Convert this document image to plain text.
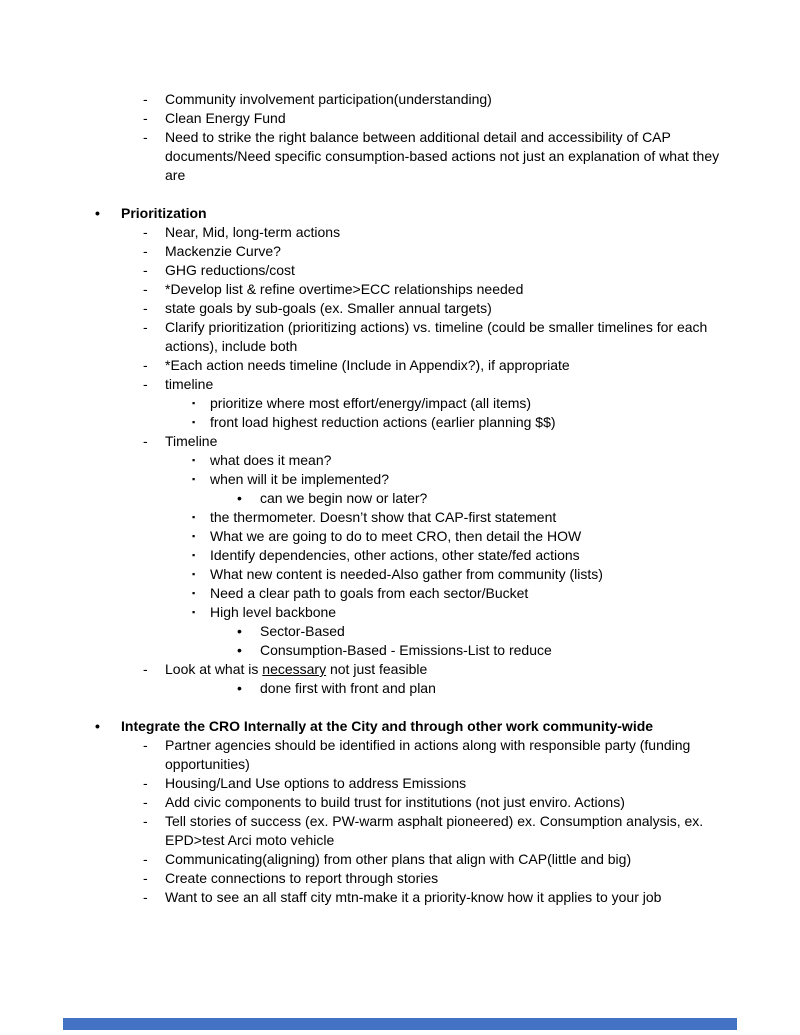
-	Community involvement participation(understanding)
-	Clean Energy Fund
-	Need to strike the right balance between additional detail and accessibility of CAP documents/Need specific consumption-based actions not just an explanation of what they are
•	Prioritization
-	Near, Mid, long-term actions
-	Mackenzie Curve?
-	GHG reductions/cost
-	*Develop list & refine overtime>ECC relationships needed
-	state goals by sub-goals (ex. Smaller annual targets)
-	Clarify prioritization (prioritizing actions) vs. timeline (could be smaller timelines for each actions), include both
-	*Each action needs timeline (Include in Appendix?), if appropriate
-	timeline
▪	prioritize where most effort/energy/impact (all items)
▪	front load highest reduction actions (earlier planning $$)
-	Timeline
▪	what does it mean?
▪	when will it be implemented?
•	can we begin now or later?
▪	the thermometer. Doesn’t show that CAP-first statement
▪	What we are going to do to meet CRO, then detail the HOW
▪	Identify dependencies, other actions, other state/fed actions
▪	What new content is needed-Also gather from community (lists)
▪	Need a clear path to goals from each sector/Bucket
▪	High level backbone
•	Sector-Based
•	Consumption-Based - Emissions-List to reduce
-	Look at what is necessary not just feasible
•	done first with front and plan
•	Integrate the CRO Internally at the City and through other work community-wide
-	Partner agencies should be identified in actions along with responsible party (funding opportunities)
-	Housing/Land Use options to address Emissions
-	Add civic components to build trust for institutions (not just enviro. Actions)
-	Tell stories of success (ex. PW-warm asphalt pioneered) ex. Consumption analysis, ex. EPD>test Arci moto vehicle
-	Communicating(aligning) from other plans that align with CAP(little and big)
-	Create connections to report through stories
-	Want to see an all staff city mtn-make it a priority-know how it applies to your job
